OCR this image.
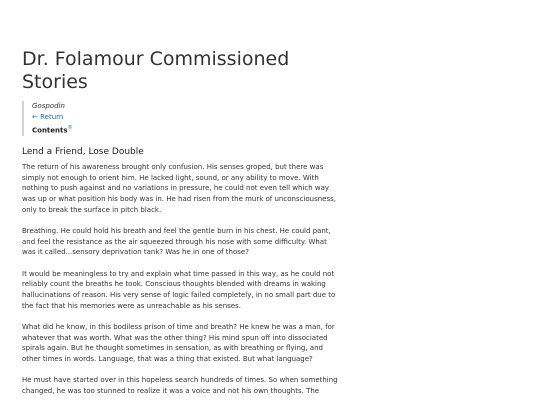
Dr. Folamour Commissioned Stories
Gospodin
← Return
Contents®
Lend a Friend, Lose Double

The return of his awareness brought only confusion. His senses groped, but there was simply not enough to orient him. He lacked light, sound, or any ability to move. With nothing to push against and no variations in pressure, he could not even tell which way was up or what position his body was in. He had risen from the murk of unconsciousness, only to break the surface in pitch black.

Breathing. He could hold his breath and feel the gentle burn in his chest. He could pant, and feel the resistance as the air squeezed through his nose with some difficulty. What was it called...sensory deprivation tank? Was he in one of those?

It would be meaningless to try and explain what time passed in this way, as he could not reliably count the breaths he took. Conscious thoughts blended with dreams in waking hallucinations of reason. His very sense of logic failed completely, in no small part due to the fact that his memories were as unreachable as his senses.

What did he know, in this bodiless prison of time and breath? He knew he was a man, for whatever that was worth. What was the other thing? His mind spun off into dissociated spirals again. But he thought sometimes in sensation, as with breathing or flying, and other times in words. Language, that was a thing that existed. But what language?

He must have started over in this hopeless search hundreds of times. So when something changed, he was too stunned to realize it was a voice and not his own thoughts. The
